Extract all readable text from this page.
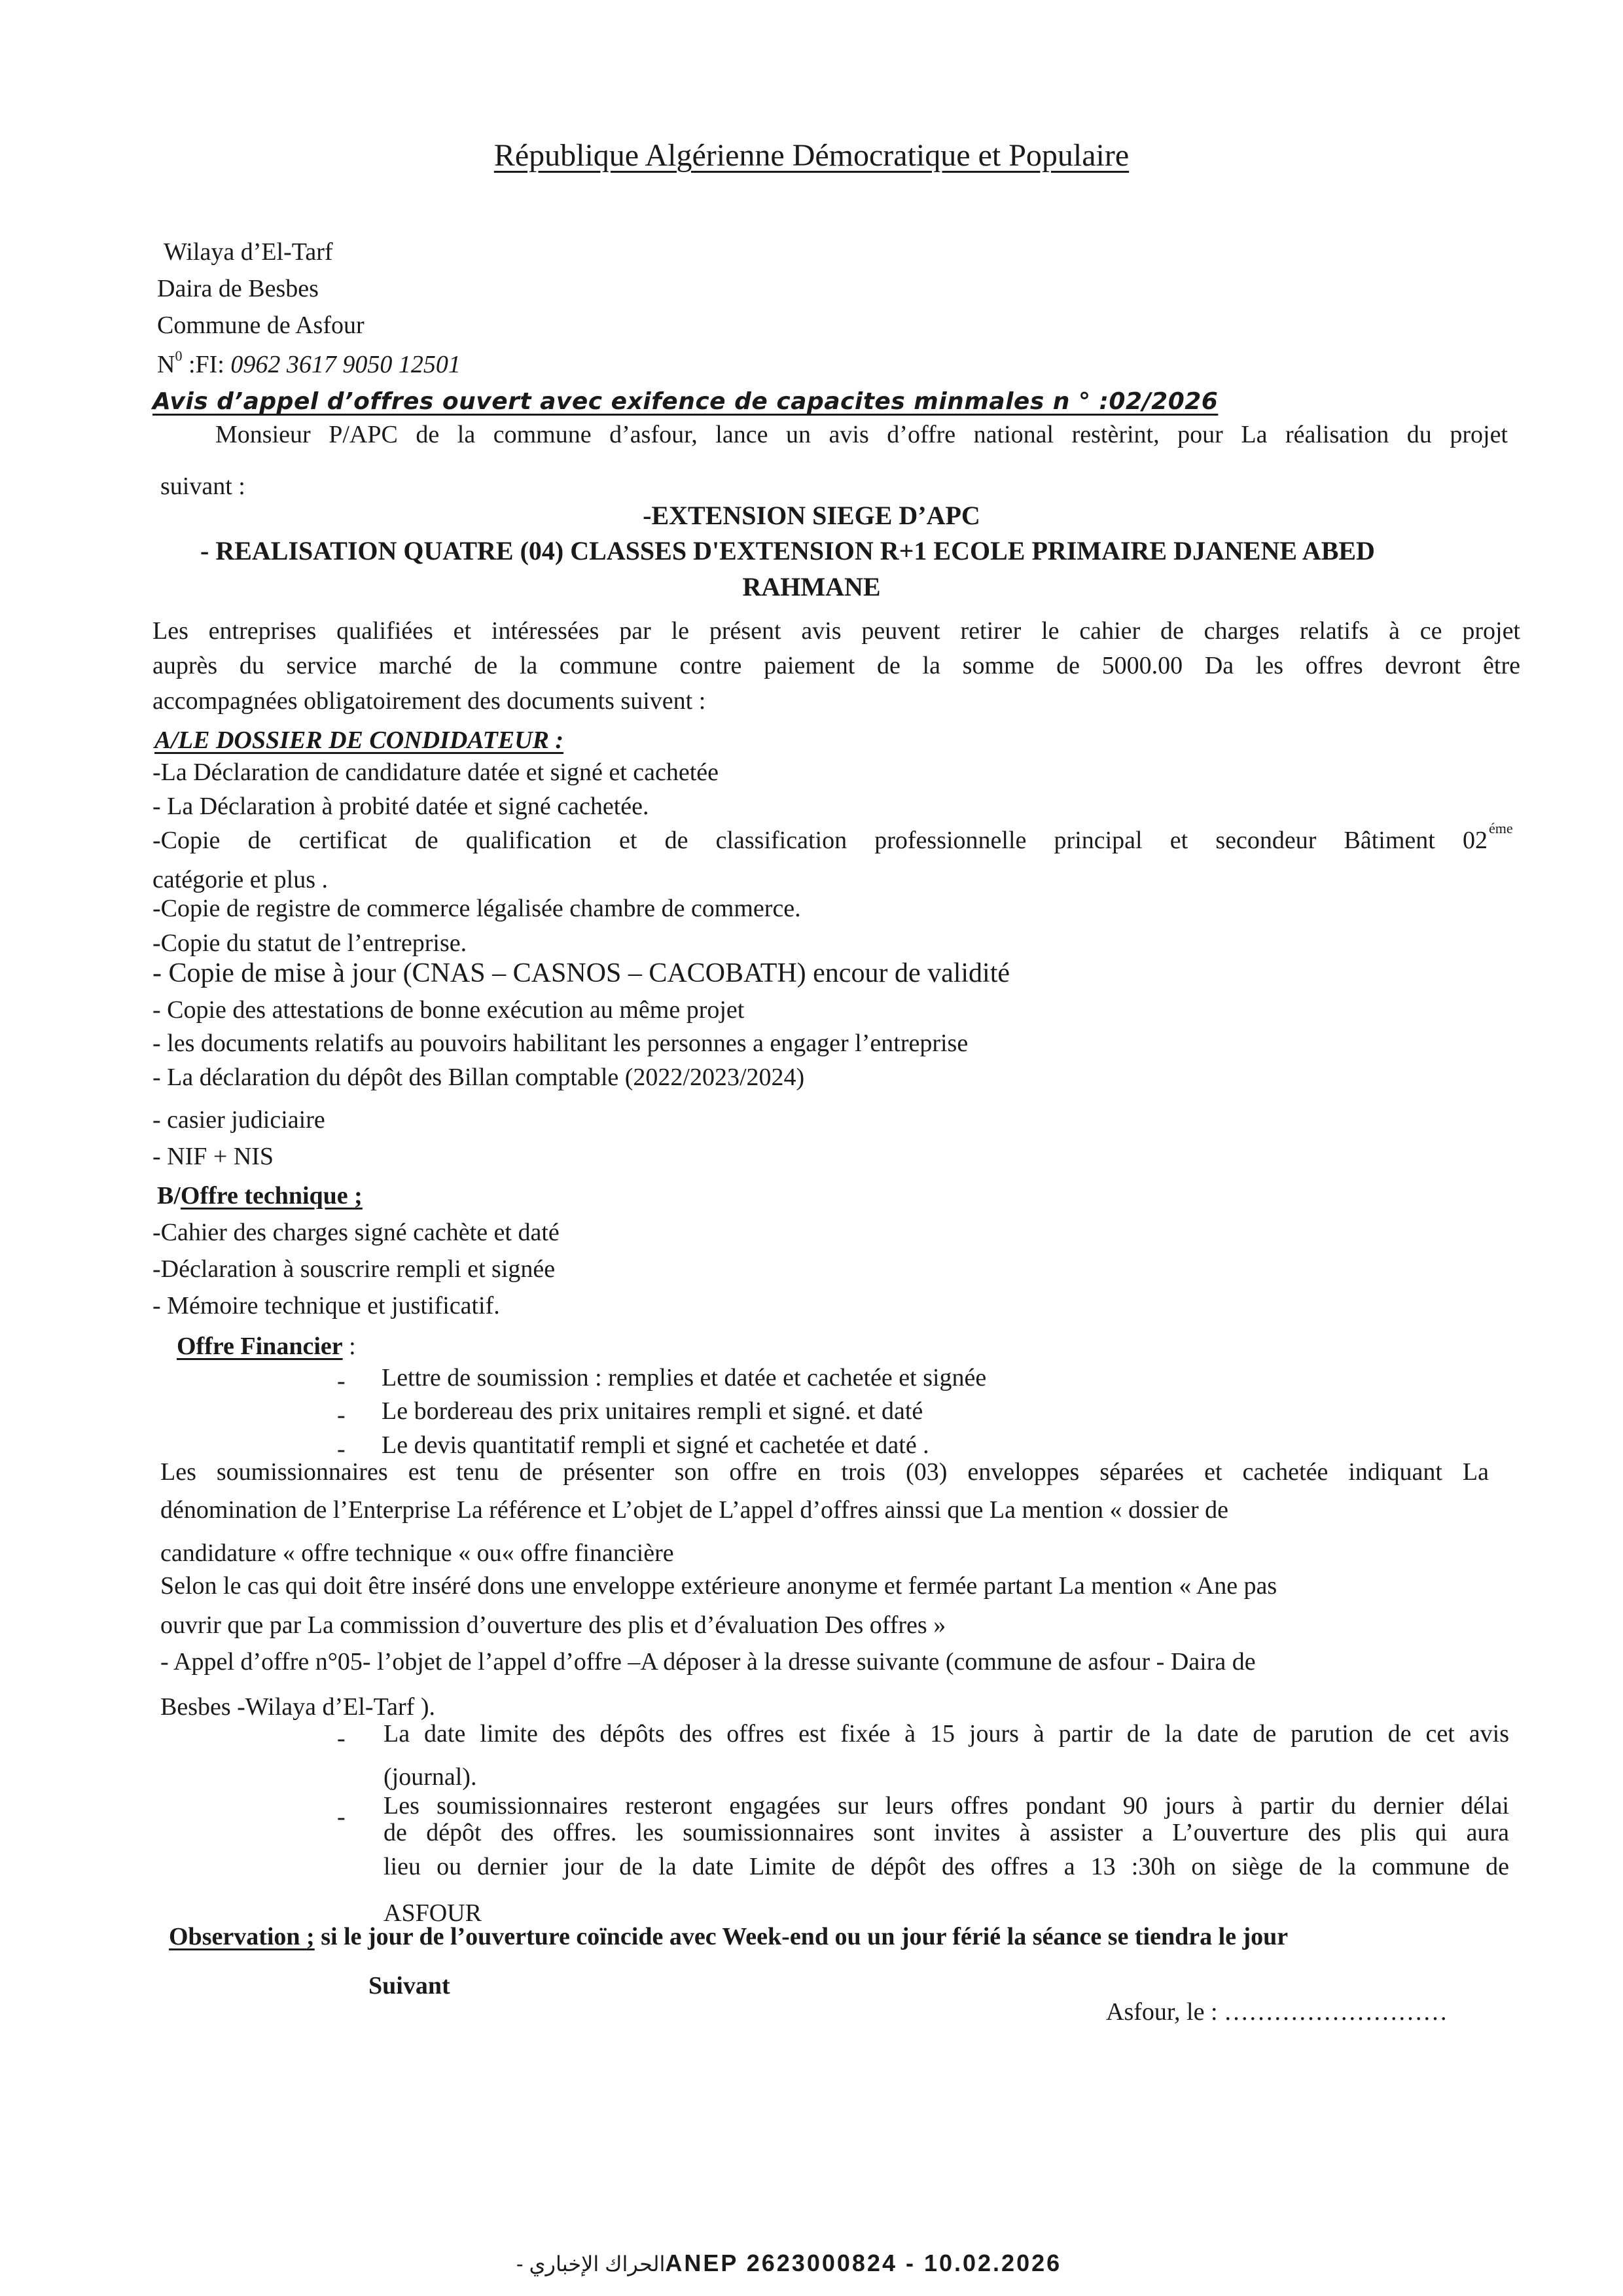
République Algérienne Démocratique et Populaire
Wilaya d’El-Tarf
Daira de Besbes
Commune de Asfour
$N^0$ :FI: 0962 3617 9050 12501
Avis d’appel d’offres ouvert avec exifence de capacites minmales n ° :02/2026
Monsieur P/APC de la commune d’asfour, lance un avis d’offre national restèrint, pour La réalisation du projet
suivant :
-EXTENSION SIEGE D’APC
- REALISATION QUATRE (04) CLASSES D'EXTENSION R+1 ECOLE PRIMAIRE DJANENE ABED
RAHMANE
Les entreprises qualifiées et intéressées par le présent avis peuvent retirer le cahier de charges relatifs à ce projet
auprès du service marché de la commune contre paiement de la somme de 5000.00 Da les offres devront être
accompagnées obligatoirement des documents suivent :
A/LE DOSSIER DE CONDIDATEUR :
-La Déclaration de candidature datée et signé et cachetée
- La Déclaration à probité datée et signé cachetée.
-Copie de certificat de qualification et de classification professionnelle principal et secondeur Bâtiment 02 éme
catégorie et plus .
-Copie de registre de commerce légalisée chambre de commerce.
-Copie du statut de l’entreprise.
- Copie de mise à jour (CNAS – CASNOS – CACOBATH) encour de validité
- Copie des attestations de bonne exécution au même projet
- les documents relatifs au pouvoirs habilitant les personnes a engager l’entreprise
- La déclaration du dépôt des Billan comptable (2022/2023/2024)
- casier judiciaire
- NIF + NIS
B/Offre technique ;
-Cahier des charges signé cachète et daté
-Déclaration à souscrire rempli et signée
- Mémoire technique et justificatif.
Offre Financier :
- Lettre de soumission : remplies et datée et cachetée et signée
- Le bordereau des prix unitaires rempli et signé. et daté
- Le devis quantitatif rempli et signé et cachetée et daté .
Les soumissionnaires est tenu de présenter son offre en trois (03) enveloppes séparées et cachetée indiquant La
dénomination de l’Enterprise La référence et L’objet de L’appel d’offres ainssi que La mention « dossier de
candidature « offre technique « ou« offre financière
Selon le cas qui doit être inséré dons une enveloppe extérieure anonyme et fermée partant La mention « Ane pas
ouvrir que par La commission d’ouverture des plis et d’évaluation Des offres »
- Appel d’offre n°05- l’objet de l’appel d’offre –A déposer à la dresse suivante (commune de asfour - Daira de
Besbes -Wilaya d’El-Tarf ).
- La date limite des dépôts des offres est fixée à 15 jours à partir de la date de parution de cet avis
(journal).
- Les soumissionnaires resteront engagées sur leurs offres pondant 90 jours à partir du dernier délai
de dépôt des offres. les soumissionnaires sont invites à assister a L’ouverture des plis qui aura
lieu ou dernier jour de la date Limite de dépôt des offres a 13 :30h on siège de la commune de
ASFOUR
Observation ; si le jour de l’ouverture coïncide avec Week-end ou un jour férié la séance se tiendra le jour
Suivant
Asfour, le : ………………………
الحراك الإخباري - ANEP 2623000824 - 10.02.2026
